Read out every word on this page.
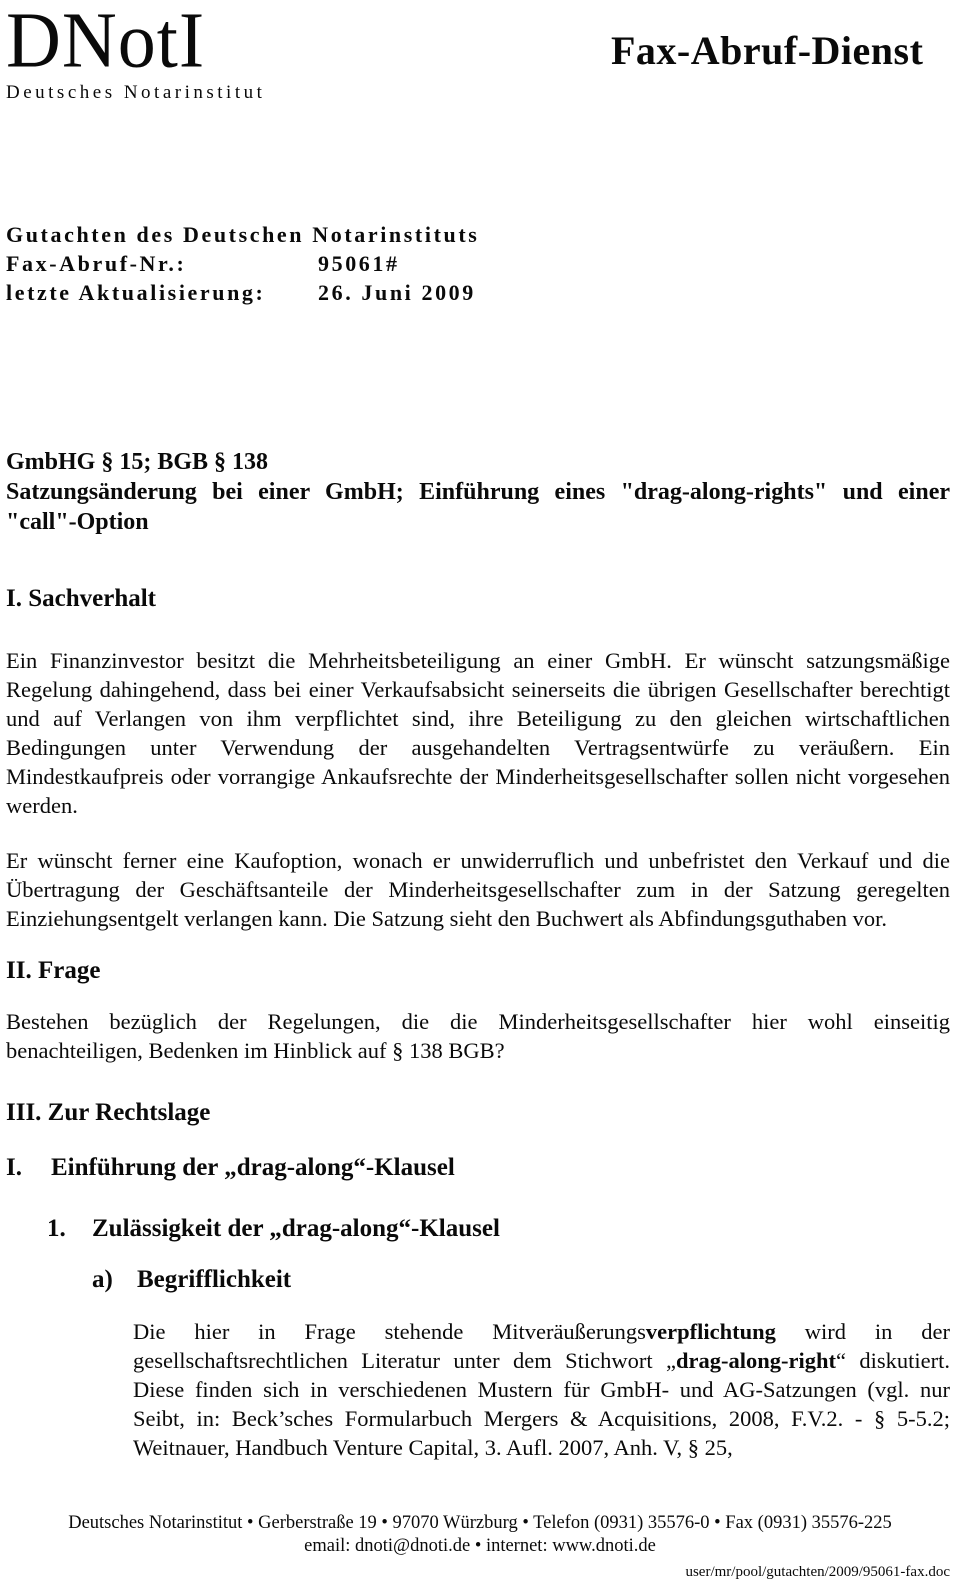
DNotI
Deutsches Notarinstitut
Fax-Abruf-Dienst
Gutachten des Deutschen Notarinstituts
Fax-Abruf-Nr.:	95061#
letzte Aktualisierung: 26. Juni 2009
GmbHG § 15; BGB § 138
Satzungsänderung bei einer GmbH; Einführung eines "drag-along-rights" und einer "call"-Option
I. Sachverhalt

Ein Finanzinvestor besitzt die Mehrheitsbeteiligung an einer GmbH. Er wünscht satzungsmäßige Regelung dahingehend, dass bei einer Verkaufsabsicht seinerseits die übrigen Gesellschafter berechtigt und auf Verlangen von ihm verpflichtet sind, ihre Beteiligung zu den gleichen wirtschaftlichen Bedingungen unter Verwendung der ausgehandelten Vertragsentwürfe zu veräußern. Ein Mindestkaufpreis oder vorrangige Ankaufsrechte der Minderheitsgesellschafter sollen nicht vorgesehen werden.

Er wünscht ferner eine Kaufoption, wonach er unwiderruflich und unbefristet den Verkauf und die Übertragung der Geschäftsanteile der Minderheitsgesellschafter zum in der Satzung geregelten Einziehungsentgelt verlangen kann. Die Satzung sieht den Buchwert als Abfindungsguthaben vor.

II. Frage

Bestehen bezüglich der Regelungen, die die Minderheitsgesellschafter hier wohl einseitig benachteiligen, Bedenken im Hinblick auf § 138 BGB?

III. Zur Rechtslage
I.	Einführung der „drag-along“-Klausel
1.	Zulässigkeit der „drag-along“-Klausel
a) Begrifflichkeit

Die hier in Frage stehende Mitveräußerungsverpflichtung wird in der gesellschaftsrechtlichen Literatur unter dem Stichwort „drag-along-right“ diskutiert. Diese finden sich in verschiedenen Mustern für GmbH- und AG-Satzungen (vgl. nur Seibt, in: Beck’sches Formularbuch Mergers & Acquisitions, 2008, F.V.2. - § 5-5.2; Weitnauer, Handbuch Venture Capital, 3. Aufl. 2007, Anh. V, § 25,

Deutsches Notarinstitut • Gerberstraße 19 • 97070 Würzburg • Telefon (0931) 35576-0 • Fax (0931) 35576-225
email: dnoti@dnoti.de • internet: www.dnoti.de
user/mr/pool/gutachten/2009/95061-fax.doc
